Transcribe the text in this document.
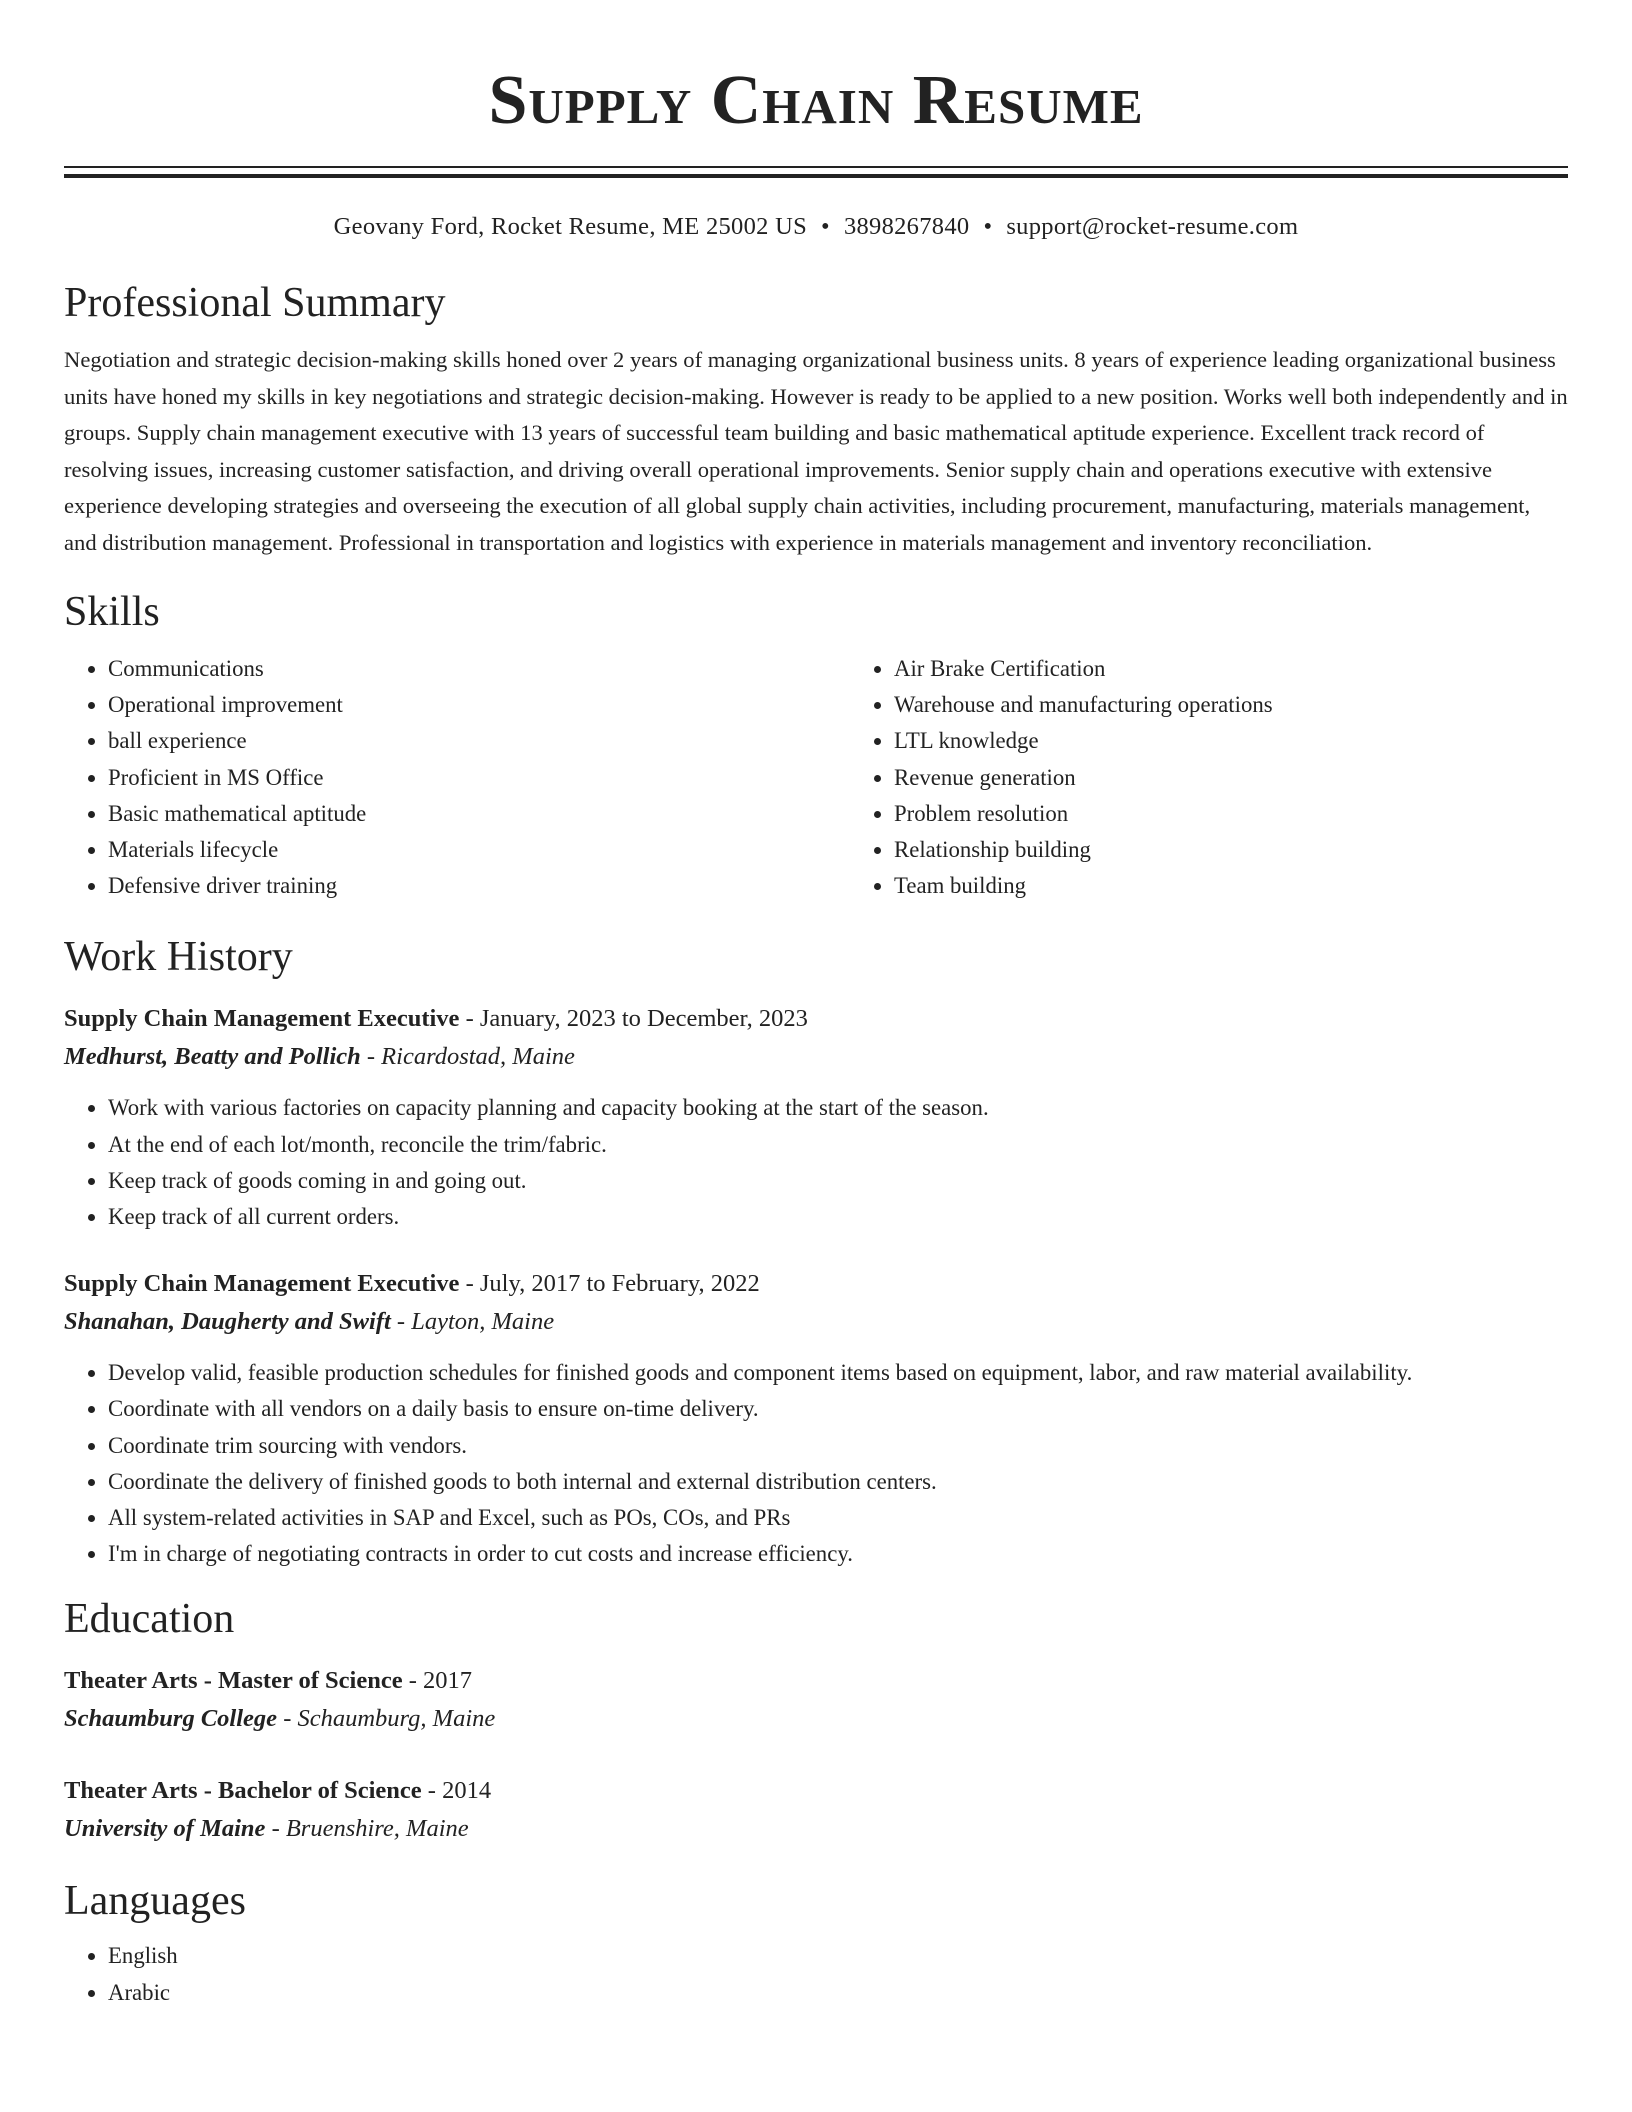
Supply Chain Resume
Geovany Ford, Rocket Resume, ME 25002 US • 3898267840 • support@rocket-resume.com
Professional Summary

Negotiation and strategic decision-making skills honed over 2 years of managing organizational business units. 8 years of experience leading organizational business units have honed my skills in key negotiations and strategic decision-making. However is ready to be applied to a new position. Works well both independently and in groups. Supply chain management executive with 13 years of successful team building and basic mathematical aptitude experience. Excellent track record of resolving issues, increasing customer satisfaction, and driving overall operational improvements. Senior supply chain and operations executive with extensive experience developing strategies and overseeing the execution of all global supply chain activities, including procurement, manufacturing, materials management, and distribution management. Professional in transportation and logistics with experience in materials management and inventory reconciliation.

Skills
• Communications
• Operational improvement
• ball experience
• Proficient in MS Office
• Basic mathematical aptitude
• Materials lifecycle
• Defensive driver training
• Air Brake Certification
• Warehouse and manufacturing operations
• LTL knowledge
• Revenue generation
• Problem resolution
• Relationship building
• Team building
Work History
Supply Chain Management Executive - January, 2023 to December, 2023
Medhurst, Beatty and Pollich - Ricardostad, Maine
• Work with various factories on capacity planning and capacity booking at the start of the season.
• At the end of each lot/month, reconcile the trim/fabric.
• Keep track of goods coming in and going out.
• Keep track of all current orders.
Supply Chain Management Executive - July, 2017 to February, 2022
Shanahan, Daugherty and Swift - Layton, Maine
• Develop valid, feasible production schedules for finished goods and component items based on equipment, labor, and raw material availability.
• Coordinate with all vendors on a daily basis to ensure on-time delivery.
• Coordinate trim sourcing with vendors.
• Coordinate the delivery of finished goods to both internal and external distribution centers.
• All system-related activities in SAP and Excel, such as POs, COs, and PRs
• I'm in charge of negotiating contracts in order to cut costs and increase efficiency.
Education
Theater Arts - Master of Science - 2017
Schaumburg College - Schaumburg, Maine
Theater Arts - Bachelor of Science - 2014
University of Maine - Bruenshire, Maine
Languages
• English
• Arabic
